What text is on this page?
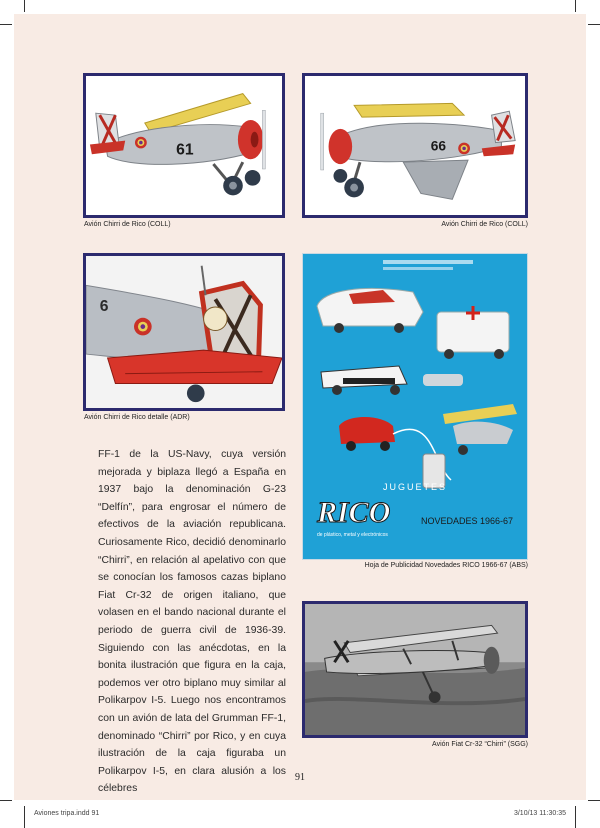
61
Avión Chirri de Rico (COLL)
66
Avión Chirri de Rico (COLL)
6
Avión Chirri de Rico detalle (ADR)
JUGUETES
RICO
de plástico, metal y electrónicos
NOVEDADES 1966-67
Hoja de Publicidad Novedades RICO 1966-67 (ABS)
Avión Fiat Cr-32 “Chirri” (SGG)

FF-1 de la US-Navy, cuya versión mejorada y biplaza llegó a España en 1937 bajo la denominación G-23 “Delfín”, para engrosar el número de efectivos de la aviación republicana. Curiosamente Rico, decidió denominarlo “Chirri”, en relación al apelativo con que se conocían los famosos cazas biplano Fiat Cr-32 de origen italiano, que volasen en el bando nacional durante el periodo de guerra civil de 1936-39. Siguiendo con las anécdotas, en la bonita ilustración que figura en la caja, podemos ver otro biplano muy similar al Polikarpov I-5. Luego nos encontramos con un avión de lata del Grumman FF-1, denominado “Chirri” por Rico, y en cuya ilustración de la caja figuraba un Polikarpov I-5, en clara alusión a los célebres

91
Aviones tripa.indd 91	3/10/13 11:30:35
